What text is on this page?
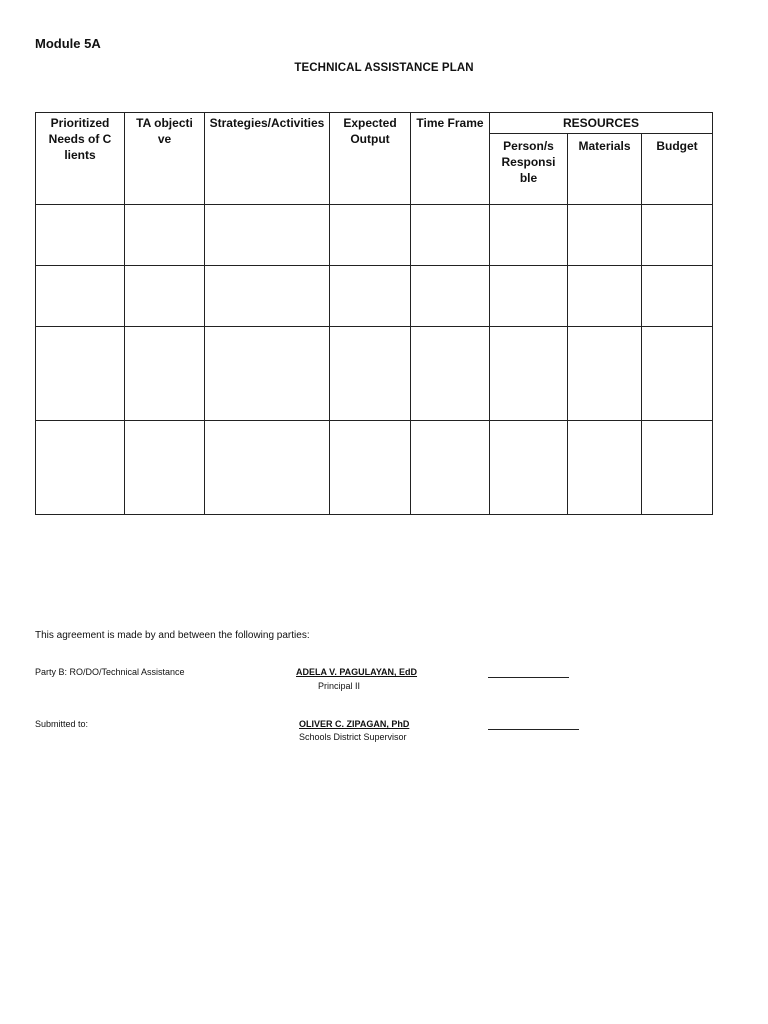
Module 5A
TECHNICAL ASSISTANCE PLAN
Prioritized Needs of Clients	TA objective	Strategies/Activities	Expected Output	Time Frame	RESOURCES		

					Person/s Responsible	Materials	Budget

This agreement is made by and between the following parties:
Party B: RO/DO/Technical Assistance	ADELA V. PAGULAYAN, EdD
Principal II
Submitted to:	OLIVER C. ZIPAGAN, PhD
Schools District Supervisor
